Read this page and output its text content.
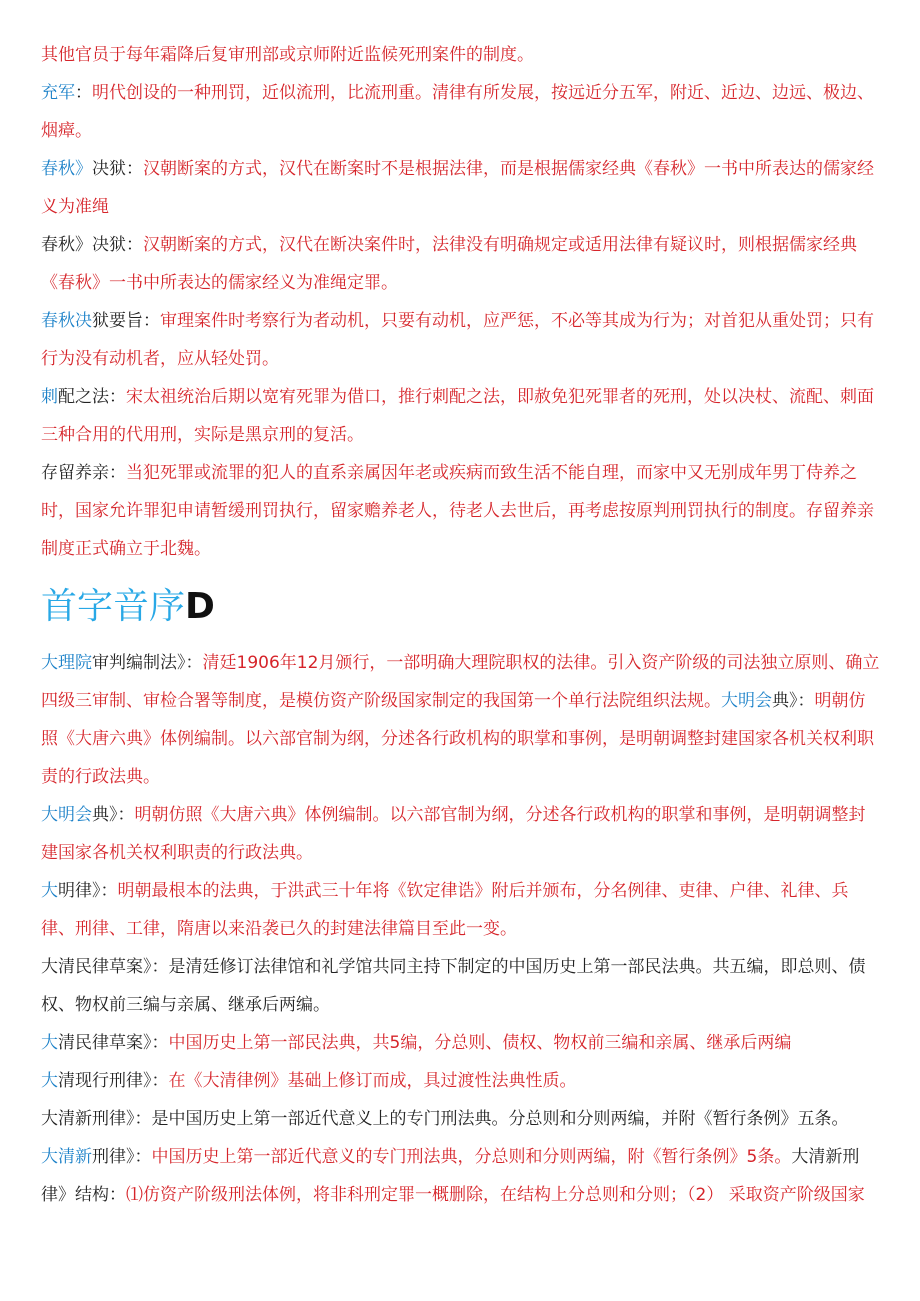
其他官员于每年霜降后复审刑部或京师附近监候死刑案件的制度。

充军：明代创设的一种刑罚，近似流刑，比流刑重。清律有所发展，按远近分五军，附近、近边、边远、极边、烟瘴。

春秋》决狱：汉朝断案的方式，汉代在断案时不是根据法律，而是根据儒家经典《春秋》一书中所表达的儒家经义为准绳

春秋》决狱：汉朝断案的方式，汉代在断决案件时，法律没有明确规定或适用法律有疑议时，则根据儒家经典《春秋》一书中所表达的儒家经义为准绳定罪。

春秋决狱要旨：审理案件时考察行为者动机，只要有动机，应严惩，不必等其成为行为；对首犯从重处罚；只有行为没有动机者，应从轻处罚。

刺配之法：宋太祖统治后期以宽宥死罪为借口，推行刺配之法，即赦免犯死罪者的死刑，处以决杖、流配、刺面三种合用的代用刑，实际是黑京刑的复活。

存留养亲：当犯死罪或流罪的犯人的直系亲属因年老或疾病而致生活不能自理，而家中又无别成年男丁侍养之时，国家允许罪犯申请暂缓刑罚执行，留家赡养老人，待老人去世后，再考虑按原判刑罚执行的制度。存留养亲制度正式确立于北魏。

首字音序D

大理院审判编制法》：清廷1906年12月颁行，一部明确大理院职权的法律。引入资产阶级的司法独立原则、确立四级三审制、审检合署等制度，是模仿资产阶级国家制定的我国第一个单行法院组织法规。大明会典》：明朝仿照《大唐六典》体例编制。以六部官制为纲，分述各行政机构的职掌和事例，是明朝调整封建国家各机关权利职责的行政法典。

大明会典》：明朝仿照《大唐六典》体例编制。以六部官制为纲，分述各行政机构的职掌和事例，是明朝调整封建国家各机关权利职责的行政法典。

大明律》：明朝最根本的法典，于洪武三十年将《钦定律诰》附后并颁布，分名例律、吏律、户律、礼律、兵律、刑律、工律，隋唐以来沿袭已久的封建法律篇目至此一变。

大清民律草案》：是清廷修订法律馆和礼学馆共同主持下制定的中国历史上第一部民法典。共五编，即总则、债权、物权前三编与亲属、继承后两编。

大清民律草案》：中国历史上第一部民法典，共5编，分总则、债权、物权前三编和亲属、继承后两编

大清现行刑律》：在《大清律例》基础上修订而成，具过渡性法典性质。

大清新刑律》：是中国历史上第一部近代意义上的专门刑法典。分总则和分则两编，并附《暂行条例》五条。

大清新刑律》：中国历史上第一部近代意义的专门刑法典，分总则和分则两编，附《暂行条例》5条。大清新刑律》结构：⑴仿资产阶级刑法体例，将非科刑定罪一概删除，在结构上分总则和分则；（2） 采取资产阶级国家
